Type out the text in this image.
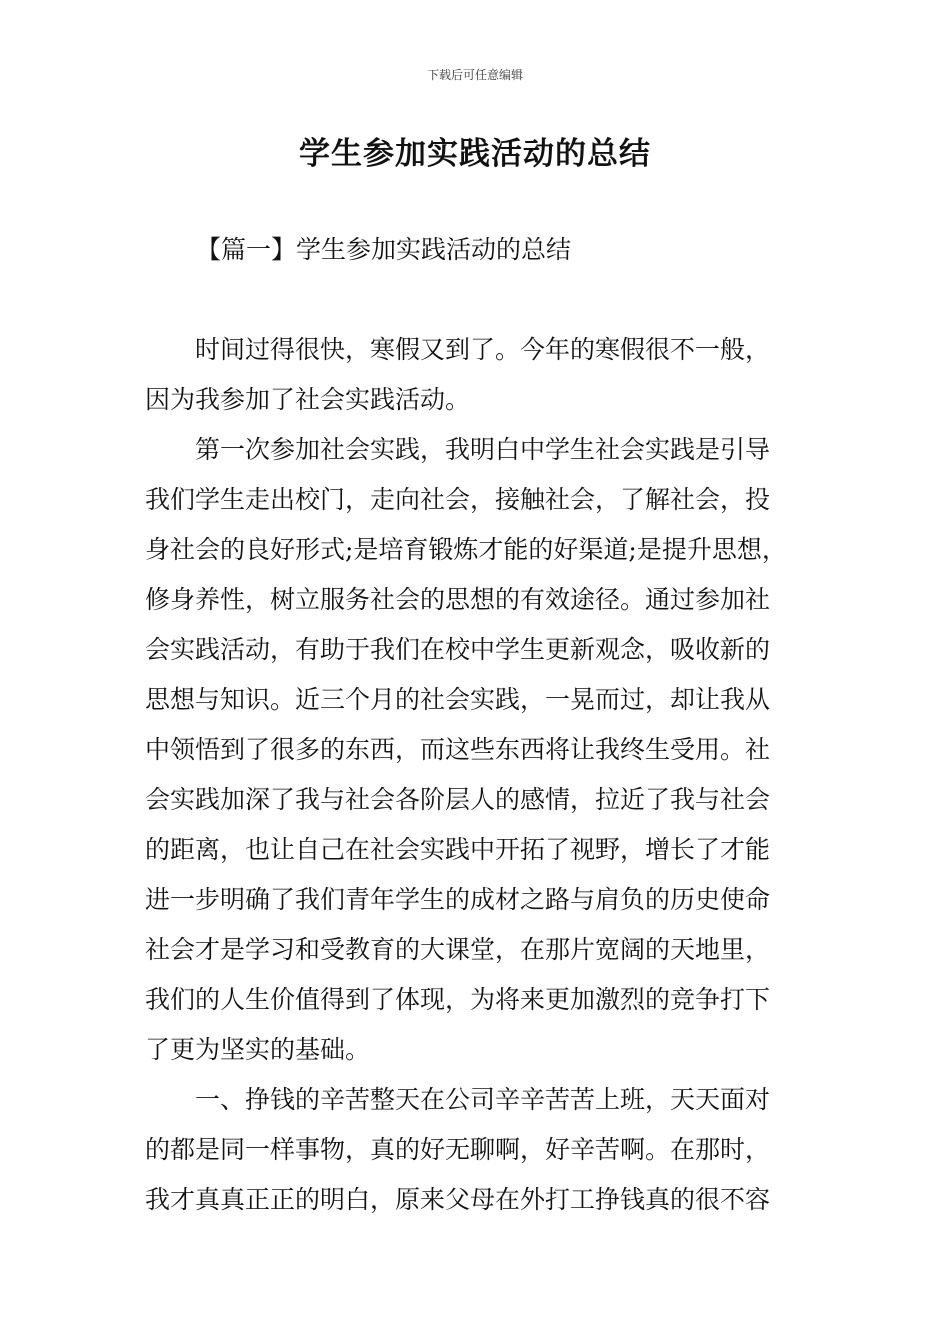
下载后可任意编辑
学生参加实践活动的总结
【篇一】学生参加实践活动的总结
　　时间过得很快，寒假又到了。今年的寒假很不一般，
因为我参加了社会实践活动。
　　第一次参加社会实践，我明白中学生社会实践是引导
我们学生走出校门，走向社会，接触社会，了解社会，投
身社会的良好形式;是培育锻炼才能的好渠道;是提升思想，
修身养性，树立服务社会的思想的有效途径。通过参加社
会实践活动，有助于我们在校中学生更新观念，吸收新的
思想与知识。近三个月的社会实践，一晃而过，却让我从
中领悟到了很多的东西，而这些东西将让我终生受用。社
会实践加深了我与社会各阶层人的感情，拉近了我与社会
的距离，也让自己在社会实践中开拓了视野，增长了才能
进一步明确了我们青年学生的成材之路与肩负的历史使命
社会才是学习和受教育的大课堂，在那片宽阔的天地里，
我们的人生价值得到了体现，为将来更加激烈的竞争打下
了更为坚实的基础。
　　一、挣钱的辛苦整天在公司辛辛苦苦上班，天天面对
的都是同一样事物，真的好无聊啊，好辛苦啊。在那时，
我才真真正正的明白，原来父母在外打工挣钱真的很不容
